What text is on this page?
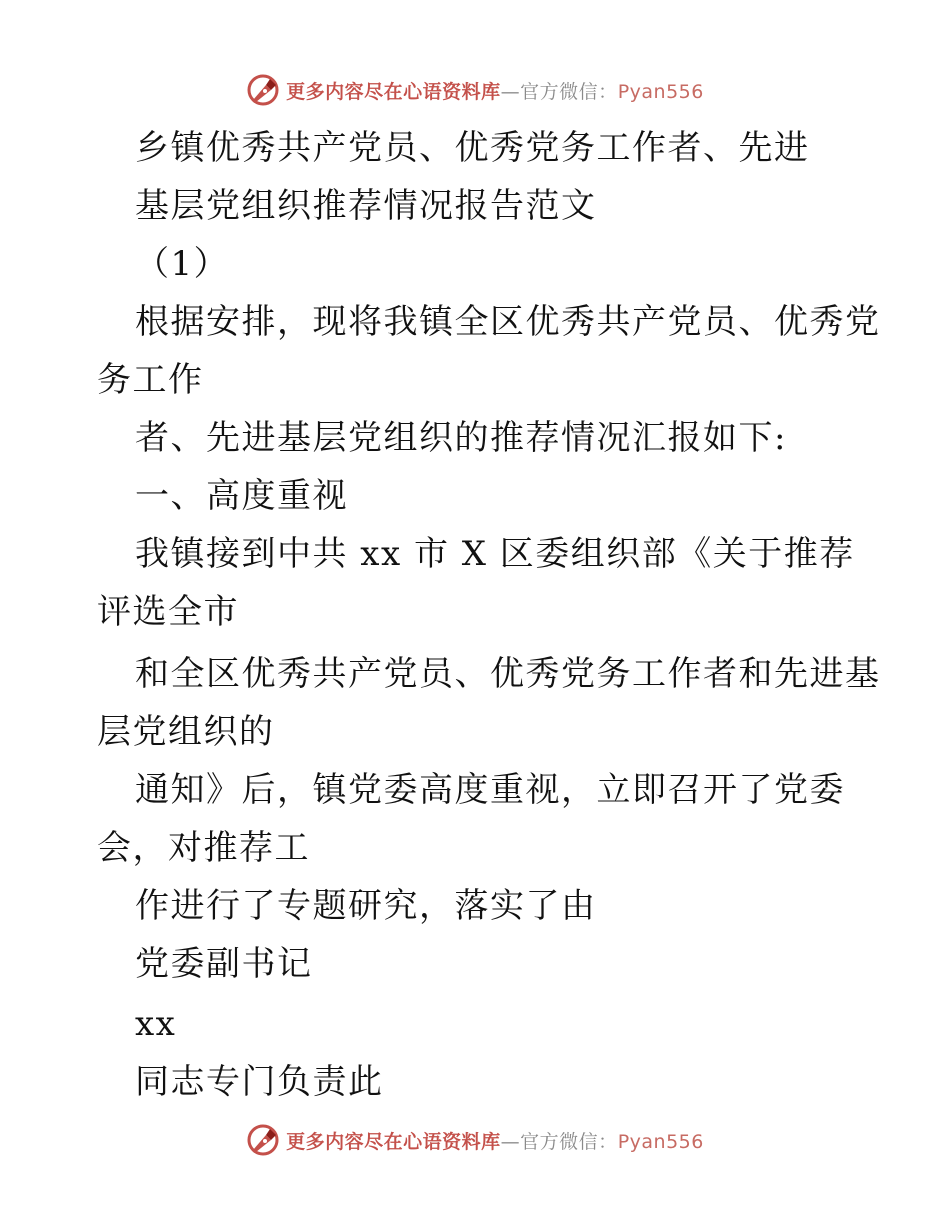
更多内容尽在心语资料库—官方微信：Pyan556
乡镇优秀共产党员、优秀党务工作者、先进
基层党组织推荐情况报告范文
（1）
根据安排，现将我镇全区优秀共产党员、优秀党
务工作
者、先进基层党组织的推荐情况汇报如下:
一、高度重视
我镇接到中共 xx 市 X 区委组织部《关于推荐
评选全市
和全区优秀共产党员、优秀党务工作者和先进基
层党组织的
通知》后，镇党委高度重视，立即召开了党委
会，对推荐工
作进行了专题研究，落实了由
党委副书记
xx
同志专门负责此
更多内容尽在心语资料库—官方微信：Pyan556
